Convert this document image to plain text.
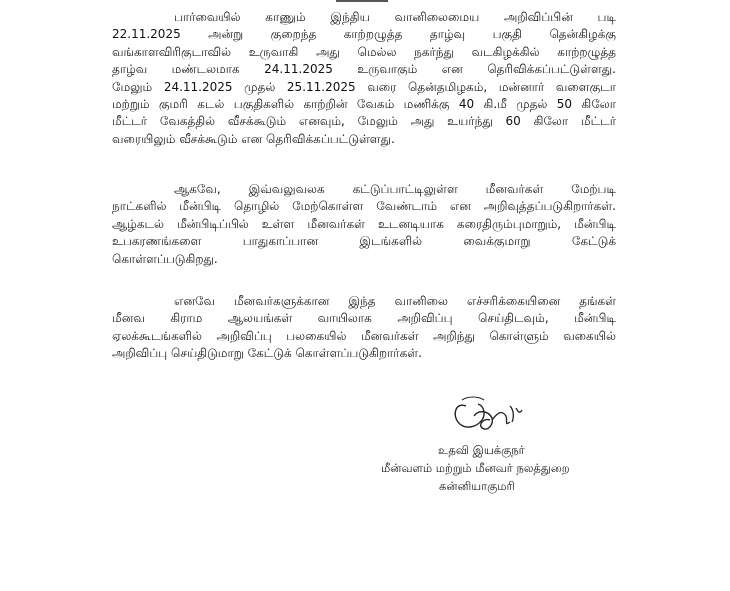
பார்வையில் காணும் இந்திய வானிலைமைய அறிவிப்பின் படி
22.11.2025 அன்று குறைந்த காற்றழுத்த தாழ்வு பகுதி தென்கிழக்கு
வங்காளவிரிகுடாவில் உருவாகி அது மெல்ல நகர்ந்து வடகிழக்கில் காற்றழுத்த
தாழ்வ மண்டலமாக 24.11.2025 உருவாகும் என தெரிவிக்கப்பட்டுள்ளது.
மேலும் 24.11.2025 முதல் 25.11.2025 வரை தென்தமிழகம், மன்னார் வளைகுடா
மற்றும் குமரி கடல் பகுதிகளில் காற்றின் வேகம் மணிக்கு 40 கி.மீ முதல் 50 கிலோ
மீட்டர் வேகத்தில் வீசக்கூடும் எனவும், மேலும் அது உயர்ந்து 60 கிலோ மீட்டர்
வரையிலும் வீசக்கூடும் என தெரிவிக்கப்பட்டுள்ளது.
ஆகவே, இவ்வலுவலக கட்டுப்பாட்டிலுள்ள மீனவர்கள் மேற்படி
நாட்களில் மீன்பிடி தொழில் மேற்கொள்ள வேண்டாம் என அறிவுத்தப்படுகிறார்கள்.
ஆழ்கடல் மீன்பிடிப்பில் உள்ள மீனவர்கள் உடனடியாக கரைதிரும்புமாறும், மீன்பிடி
உபகரணங்களை பாதுகாப்பான இடங்களில் வைக்குமாறு கேட்டுக்
கொள்ளப்படுகிறது.
எனவே மீனவர்களுக்கான இந்த வானிலை எச்சரிக்கையினை தங்கள்
மீனவ கிராம ஆலயங்கள் வாயிலாக அறிவிப்பு செய்திடவும், மீன்பிடி
ஏலக்கூடங்களில் அறிவிப்பு பலகையில் மீனவர்கள் அறிந்து கொள்ளும் வகையில்
அறிவிப்பு செய்திடுமாறு கேட்டுக் கொள்ளப்படுகிறார்கள்.
உதவி இயக்குநர்
மீன்வளம் மற்றும் மீனவர் நலத்துறை
கன்னியாகுமரி
